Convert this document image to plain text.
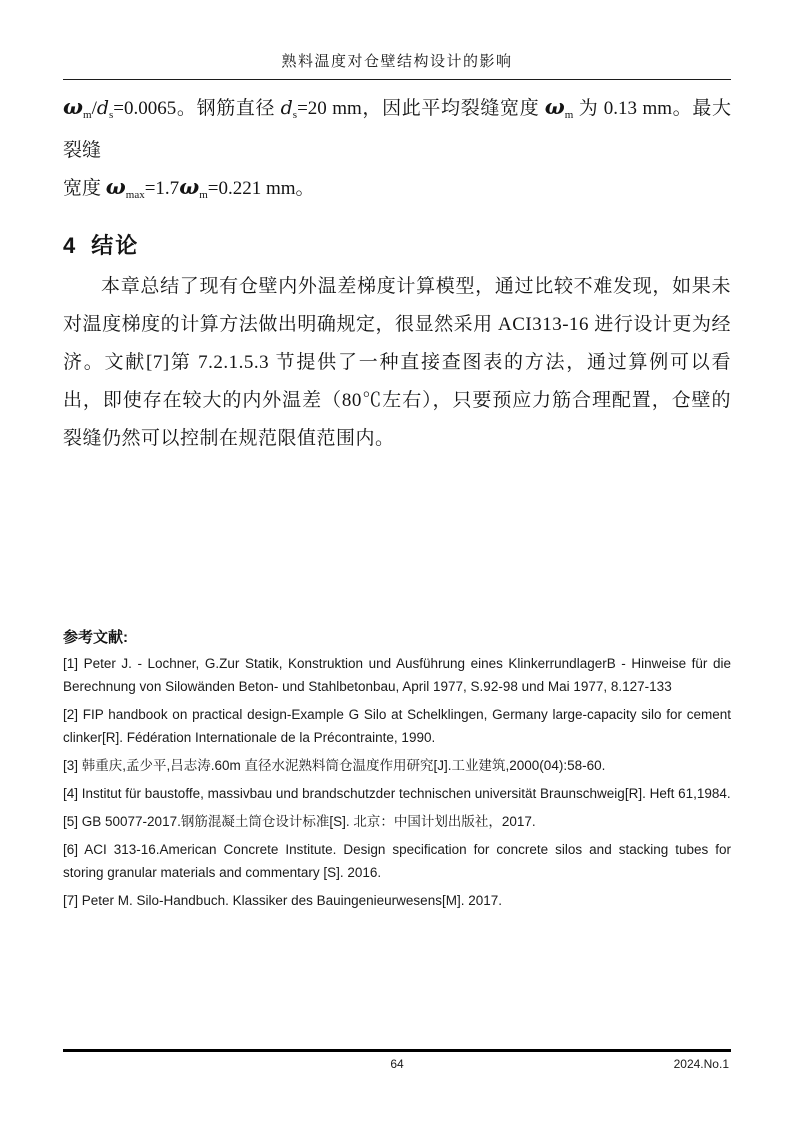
熟料温度对仓壁结构设计的影响
$\omega_m/d_s=0.0065$。钢筋直径 $d_s=20$ mm，因此平均裂缝宽度 $\omega_m$ 为 0.13 mm。最大裂缝
宽度 $\omega_{max}=1.7\omega_m=0.221$ mm。
4 结论
本章总结了现有仓壁内外温差梯度计算模型，通过比较不难发现，如果未对温度梯度的计算方法做出明确规定，很显然采用 ACI313-16 进行设计更为经济。文献[7]第 7.2.1.5.3 节提供了一种直接查图表的方法，通过算例可以看出，即使存在较大的内外温差（80℃左右），只要预应力筋合理配置，仓壁的裂缝仍然可以控制在规范限值范围内。
参考文献:
[1] Peter J. - Lochner, G.Zur Statik, Konstruktion und Ausführung eines KlinkerrundlagerB - Hinweise für die Berechnung von Silowänden Beton- und Stahlbetonbau, April 1977, S.92-98 und Mai 1977, 8.127-133
[2] FIP handbook on practical design-Example G Silo at Schelklingen, Germany large-capacity silo for cement clinker[R]. Fédération Internationale de la Précontrainte, 1990.
[3] 韩重庆,孟少平,吕志涛.60m 直径水泥熟料筒仓温度作用研究[J].工业建筑,2000(04):58-60.
[4] Institut für baustoffe, massivbau und brandschutzder technischen universität Braunschweig[R]. Heft 61,1984.
[5] GB 50077-2017.钢筋混凝土筒仓设计标准[S]. 北京：中国计划出版社，2017.
[6] ACI 313-16.American Concrete Institute. Design specification for concrete silos and stacking tubes for storing granular materials and commentary [S]. 2016.
[7] Peter M. Silo-Handbuch. Klassiker des Bauingenieurwesens[M]. 2017.
64	2024.No.1
